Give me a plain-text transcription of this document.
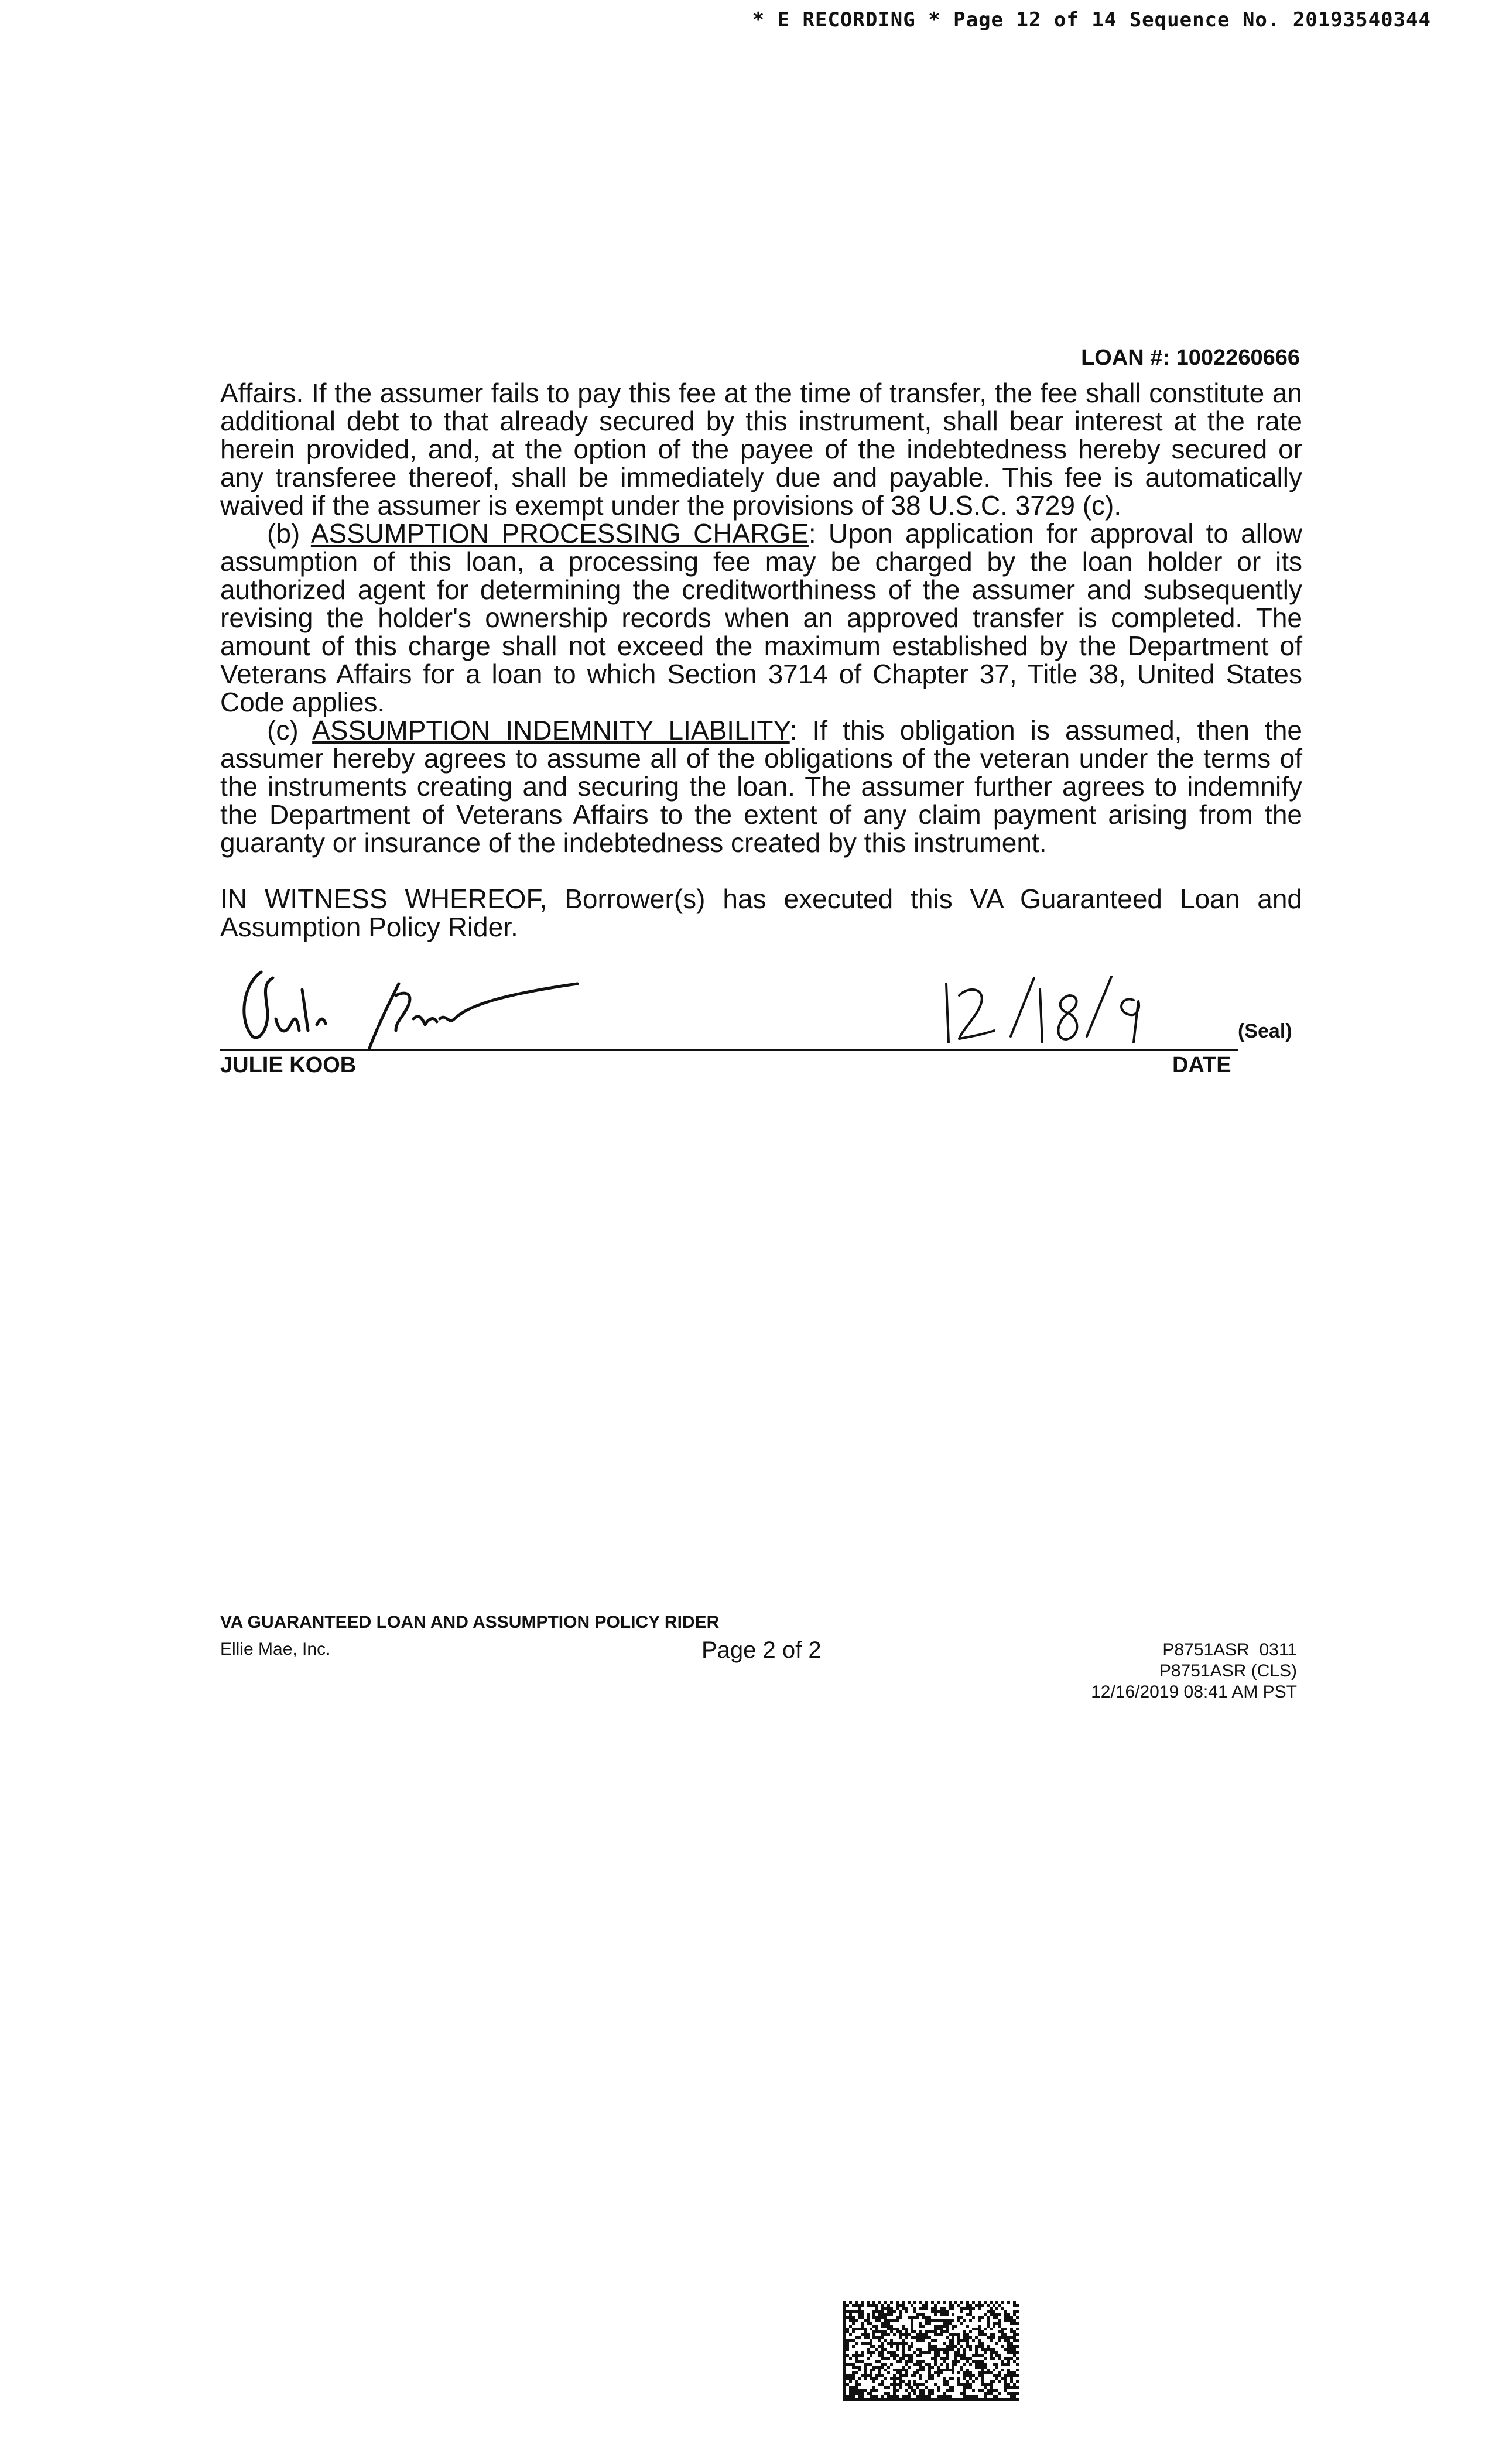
* E RECORDING * Page 12 of 14 Sequence No. 20193540344
LOAN #: 1002260666

Affairs. If the assumer fails to pay this fee at the time of transfer, the fee shall constitute an additional debt to that already secured by this instrument, shall bear interest at the rate herein provided, and, at the option of the payee of the indebtedness hereby secured or any transferee thereof, shall be immediately due and payable. This fee is automatically waived if the assumer is exempt under the provisions of 38 U.S.C. 3729 (c).

(b) ASSUMPTION PROCESSING CHARGE: Upon application for approval to allow assumption of this loan, a processing fee may be charged by the loan holder or its authorized agent for determining the creditworthiness of the assumer and subsequently revising the holder's ownership records when an approved transfer is completed. The amount of this charge shall not exceed the maximum established by the Department of Veterans Affairs for a loan to which Section 3714 of Chapter 37, Title 38, United States Code applies.

(c) ASSUMPTION INDEMNITY LIABILITY: If this obligation is assumed, then the assumer hereby agrees to assume all of the obligations of the veteran under the terms of the instruments creating and securing the loan. The assumer further agrees to indemnify the Department of Veterans Affairs to the extent of any claim payment arising from the guaranty or insurance of the indebtedness created by this instrument.

IN WITNESS WHEREOF, Borrower(s) has executed this VA Guaranteed Loan and Assumption Policy Rider.

(Seal)
JULIE KOOB	DATE
VA GUARANTEED LOAN AND ASSUMPTION POLICY RIDER
Ellie Mae, Inc.	Page 2 of 2	P8751ASR  0311
P8751ASR (CLS)
12/16/2019 08:41 AM PST
